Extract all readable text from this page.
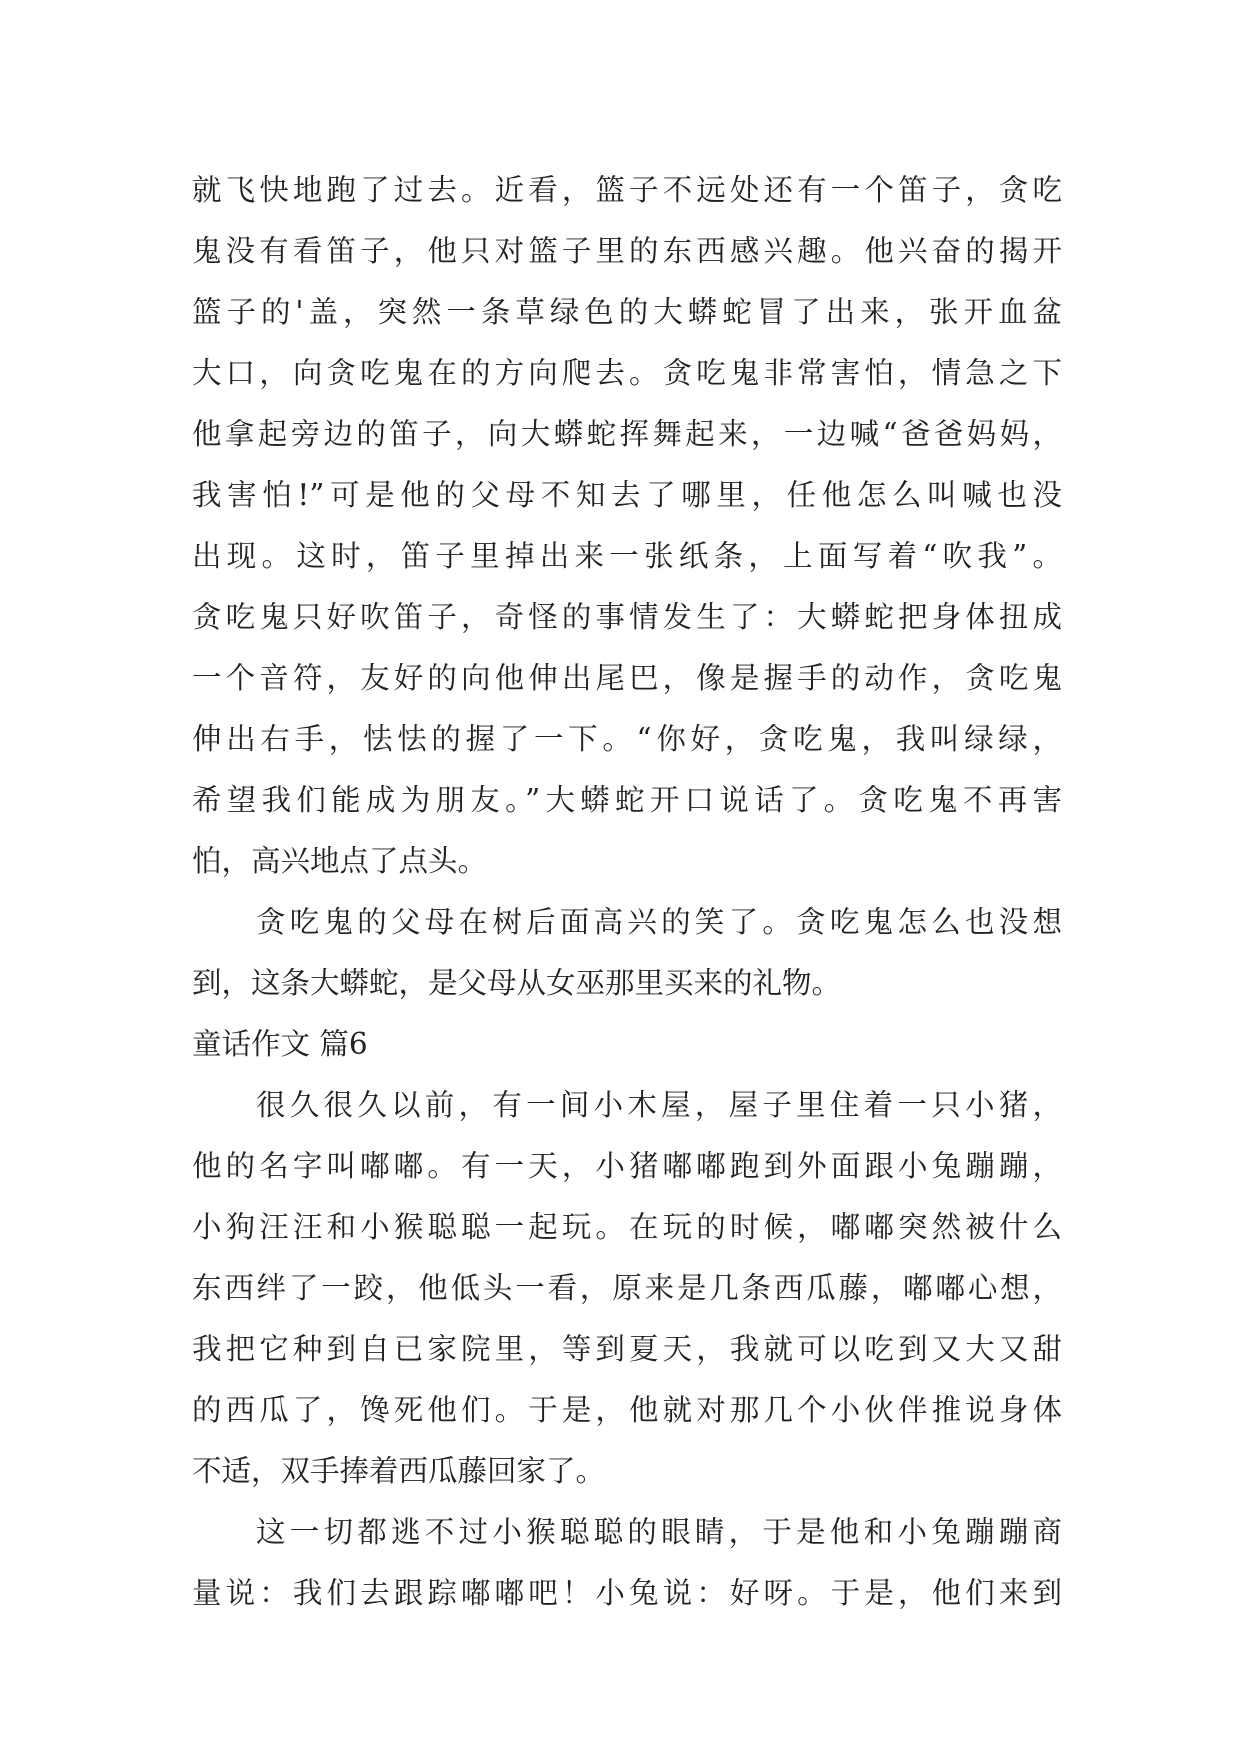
就飞快地跑了过去。近看，篮子不远处还有一个笛子，贪吃
鬼没有看笛子，他只对篮子里的东西感兴趣。他兴奋的揭开
篮子的'盖，突然一条草绿色的大蟒蛇冒了出来，张开血盆
大口，向贪吃鬼在的方向爬去。贪吃鬼非常害怕，情急之下
他拿起旁边的笛子，向大蟒蛇挥舞起来，一边喊“爸爸妈妈，
我害怕!”可是他的父母不知去了哪里，任他怎么叫喊也没
出现。这时，笛子里掉出来一张纸条，上面写着“吹我”。
贪吃鬼只好吹笛子，奇怪的事情发生了：大蟒蛇把身体扭成
一个音符，友好的向他伸出尾巴，像是握手的动作，贪吃鬼
伸出右手，怯怯的握了一下。“你好，贪吃鬼，我叫绿绿，
希望我们能成为朋友。”大蟒蛇开口说话了。贪吃鬼不再害
怕，高兴地点了点头。
贪吃鬼的父母在树后面高兴的笑了。贪吃鬼怎么也没想
到，这条大蟒蛇，是父母从女巫那里买来的礼物。
童话作文 篇6
很久很久以前，有一间小木屋，屋子里住着一只小猪，
他的名字叫嘟嘟。有一天，小猪嘟嘟跑到外面跟小兔蹦蹦，
小狗汪汪和小猴聪聪一起玩。在玩的时候，嘟嘟突然被什么
东西绊了一跤，他低头一看，原来是几条西瓜藤，嘟嘟心想，
我把它种到自已家院里，等到夏天，我就可以吃到又大又甜
的西瓜了，馋死他们。于是，他就对那几个小伙伴推说身体
不适，双手捧着西瓜藤回家了。
这一切都逃不过小猴聪聪的眼睛，于是他和小兔蹦蹦商
量说：我们去跟踪嘟嘟吧！小兔说：好呀。于是，他们来到
